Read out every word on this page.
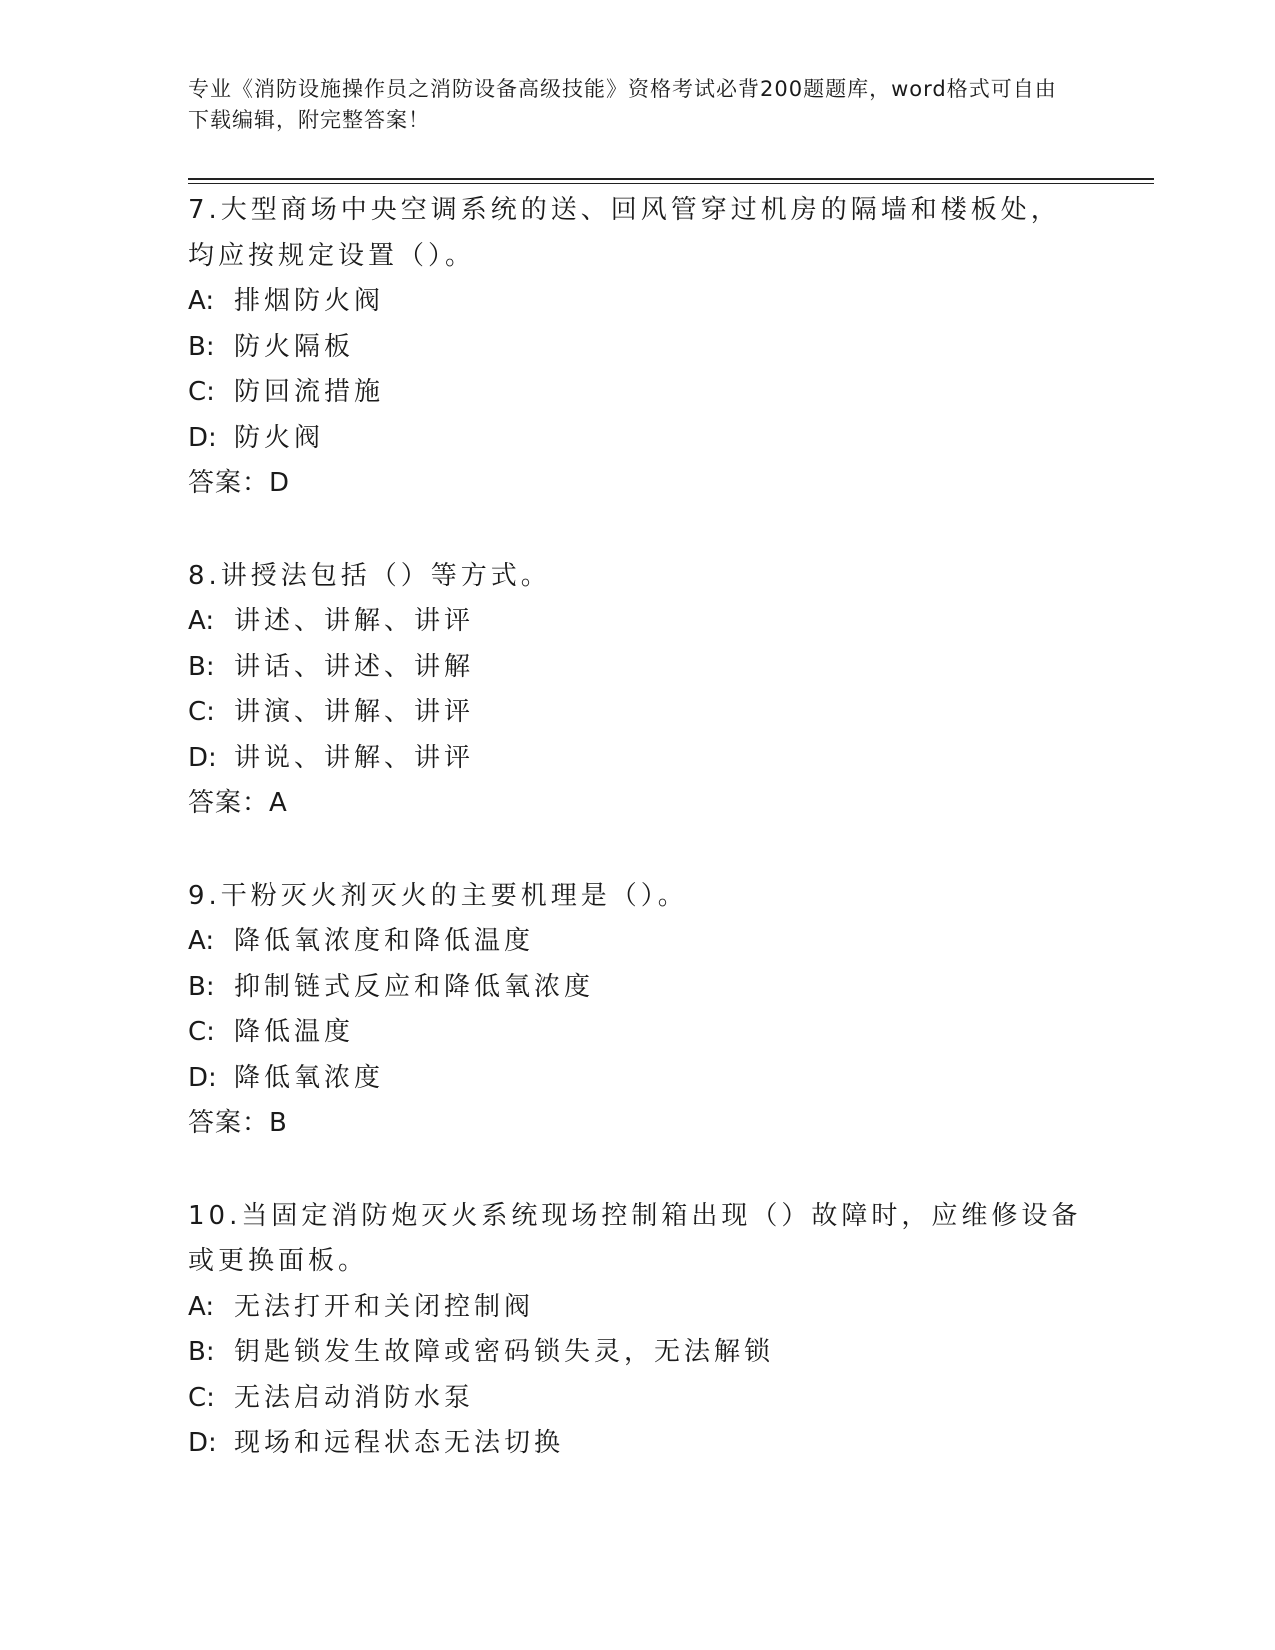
专业《消防设施操作员之消防设备高级技能》资格考试必背200题题库，word格式可自由下载编辑，附完整答案！
7.大型商场中央空调系统的送、回风管穿过机房的隔墙和楼板处，均应按规定设置（）。
A: 排烟防火阀
B: 防火隔板
C: 防回流措施
D: 防火阀
答案：D
8.讲授法包括（）等方式。
A: 讲述、讲解、讲评
B: 讲话、讲述、讲解
C: 讲演、讲解、讲评
D: 讲说、讲解、讲评
答案：A
9.干粉灭火剂灭火的主要机理是（）。
A: 降低氧浓度和降低温度
B: 抑制链式反应和降低氧浓度
C: 降低温度
D: 降低氧浓度
答案：B
10.当固定消防炮灭火系统现场控制箱出现（）故障时，应维修设备或更换面板。
A: 无法打开和关闭控制阀
B: 钥匙锁发生故障或密码锁失灵，无法解锁
C: 无法启动消防水泵
D: 现场和远程状态无法切换
